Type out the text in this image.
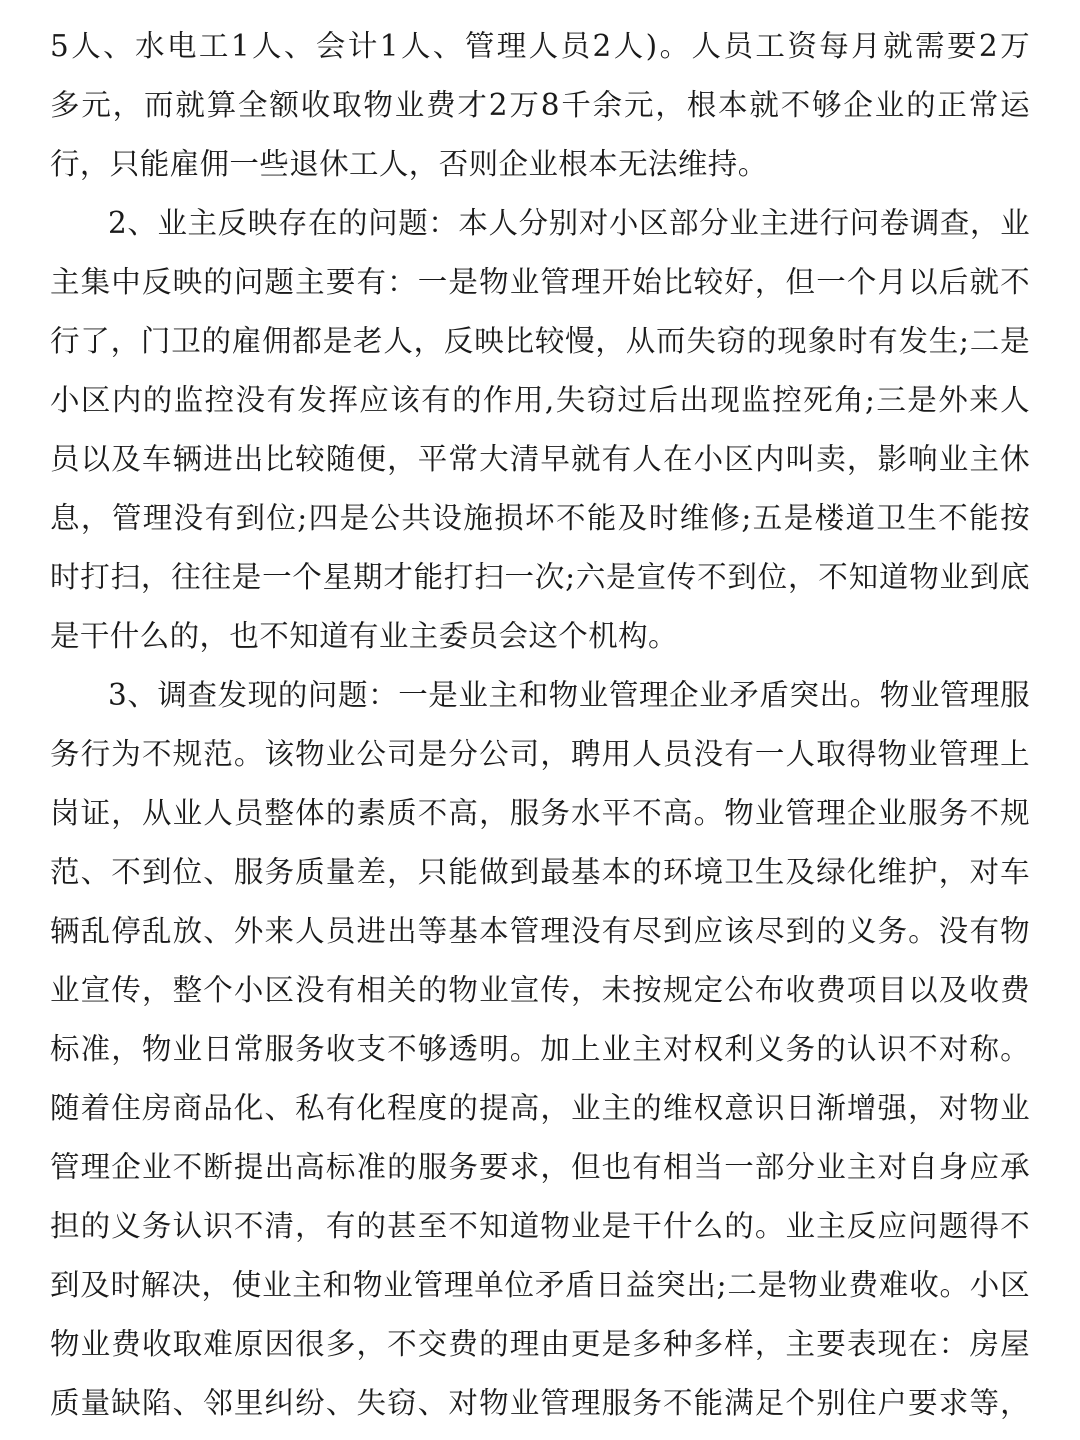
5人、水电工1人、会计1人、管理人员2人)。人员工资每月就需要2万
多元，而就算全额收取物业费才2万8千余元，根本就不够企业的正常运
行，只能雇佣一些退休工人，否则企业根本无法维持。
2、业主反映存在的问题：本人分别对小区部分业主进行问卷调查，业
主集中反映的问题主要有：一是物业管理开始比较好，但一个月以后就不
行了，门卫的雇佣都是老人，反映比较慢，从而失窃的现象时有发生;二是
小区内的监控没有发挥应该有的作用,失窃过后出现监控死角;三是外来人
员以及车辆进出比较随便，平常大清早就有人在小区内叫卖，影响业主休
息，管理没有到位;四是公共设施损坏不能及时维修;五是楼道卫生不能按
时打扫，往往是一个星期才能打扫一次;六是宣传不到位，不知道物业到底
是干什么的，也不知道有业主委员会这个机构。
3、调查发现的问题：一是业主和物业管理企业矛盾突出。物业管理服
务行为不规范。该物业公司是分公司，聘用人员没有一人取得物业管理上
岗证，从业人员整体的素质不高，服务水平不高。物业管理企业服务不规
范、不到位、服务质量差，只能做到最基本的环境卫生及绿化维护，对车
辆乱停乱放、外来人员进出等基本管理没有尽到应该尽到的义务。没有物
业宣传，整个小区没有相关的物业宣传，未按规定公布收费项目以及收费
标准，物业日常服务收支不够透明。加上业主对权利义务的认识不对称。
随着住房商品化、私有化程度的提高，业主的维权意识日渐增强，对物业
管理企业不断提出高标准的服务要求，但也有相当一部分业主对自身应承
担的义务认识不清，有的甚至不知道物业是干什么的。业主反应问题得不
到及时解决，使业主和物业管理单位矛盾日益突出;二是物业费难收。小区
物业费收取难原因很多，不交费的理由更是多种多样，主要表现在：房屋
质量缺陷、邻里纠纷、失窃、对物业管理服务不能满足个别住户要求等，
